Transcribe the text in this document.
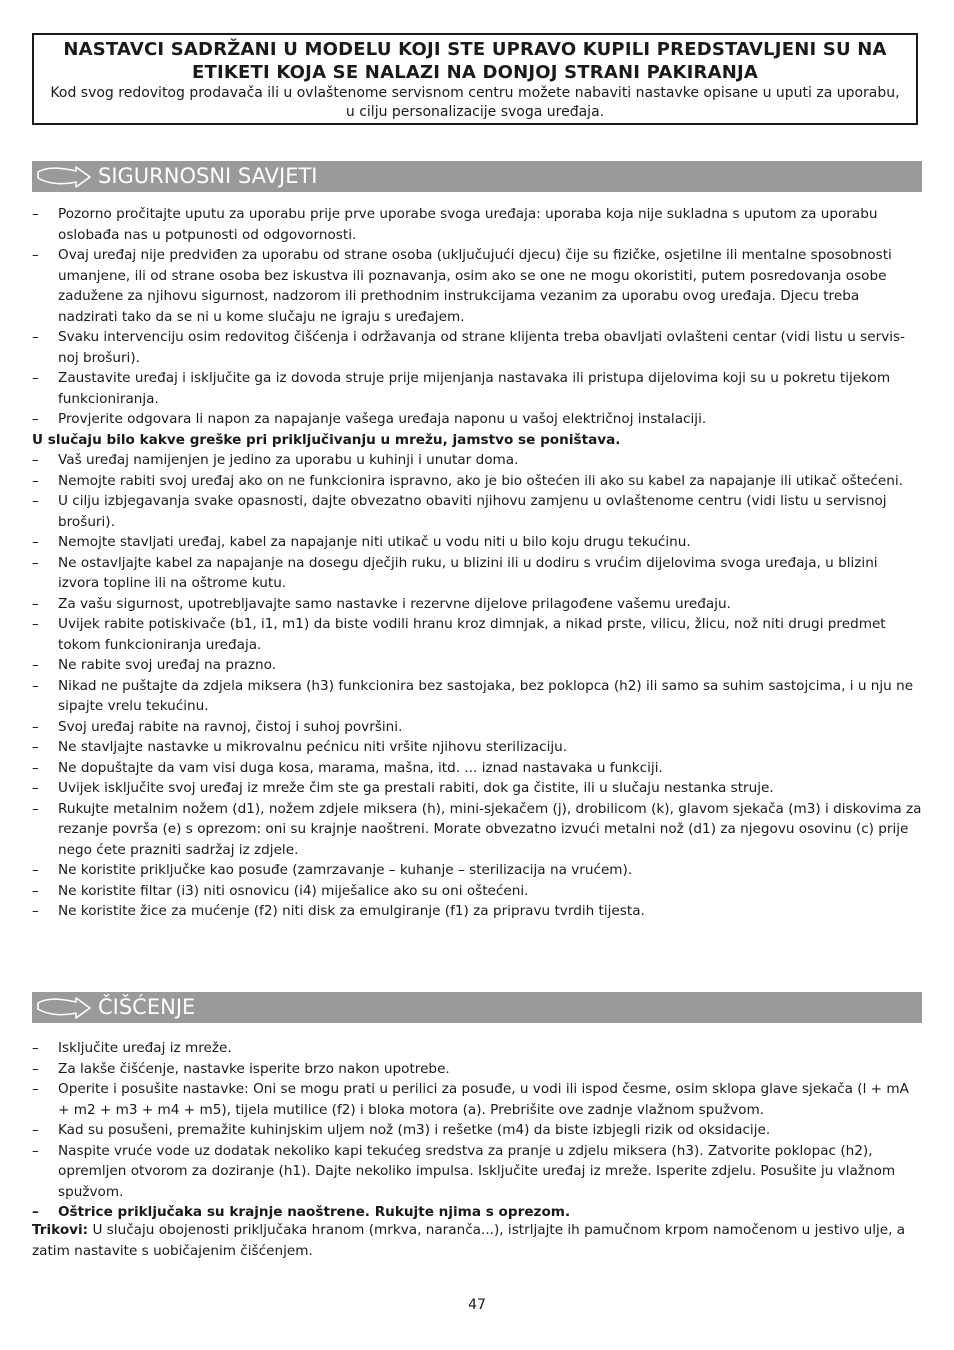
NASTAVCI SADRŽANI U MODELU KOJI STE UPRAVO KUPILI PREDSTAVLJENI SU NA ETIKETI KOJA SE NALAZI NA DONJOJ STRANI PAKIRANJA
Kod svog redovitog prodavača ili u ovlaštenome servisnom centru možete nabaviti nastavke opisane u uputi za uporabu, u cilju personalizacije svoga uređaja.
SIGURNOSNI SAVJETI
– Pozorno pročitajte uputu za uporabu prije prve uporabe svoga uređaja: uporaba koja nije sukladna s uputom za uporabu oslobađa nas u potpunosti od odgovornosti.
– Ovaj uređaj nije predviđen za uporabu od strane osoba (uključujući djecu) čije su fizičke, osjetilne ili mentalne sposobnosti umanjene, ili od strane osoba bez iskustva ili poznavanja, osim ako se one ne mogu okoristiti, putem posredovanja osobe zadužene za njihovu sigurnost, nadzorom ili prethodnim instrukcijama vezanim za uporabu ovog uređaja. Djecu treba nadzirati tako da se ni u kome slučaju ne igraju s uređajem.
– Svaku intervenciju osim redovitog čišćenja i održavanja od strane klijenta treba obavljati ovlašteni centar (vidi listu u servis-noj brošuri).
– Zaustavite uređaj i isključite ga iz dovoda struje prije mijenjanja nastavaka ili pristupa dijelovima koji su u pokretu tijekom funkcioniranja.
– Provjerite odgovara li napon za napajanje vašega uređaja naponu u vašoj električnoj instalaciji.
U slučaju bilo kakve greške pri priključivanju u mrežu, jamstvo se poništava.
– Vaš uređaj namijenjen je jedino za uporabu u kuhinji i unutar doma.
– Nemojte rabiti svoj uređaj ako on ne funkcionira ispravno, ako je bio oštećen ili ako su kabel za napajanje ili utikač oštećeni.
– U cilju izbjegavanja svake opasnosti, dajte obvezatno obaviti njihovu zamjenu u ovlaštenome centru (vidi listu u servisnoj brošuri).
– Nemojte stavljati uređaj, kabel za napajanje niti utikač u vodu niti u bilo koju drugu tekućinu.
– Ne ostavljajte kabel za napajanje na dosegu dječjih ruku, u blizini ili u dodiru s vrućim dijelovima svoga uređaja, u blizini izvora topline ili na oštrome kutu.
– Za vašu sigurnost, upotrebljavajte samo nastavke i rezervne dijelove prilagođene vašemu uređaju.
– Uvijek rabite potiskivače (b1, i1, m1) da biste vodili hranu kroz dimnjak, a nikad prste, vilicu, žlicu, nož niti drugi predmet tokom funkcioniranja uređaja.
– Ne rabite svoj uređaj na prazno.
– Nikad ne puštajte da zdjela miksera (h3) funkcionira bez sastojaka, bez poklopca (h2) ili samo sa suhim sastojcima, i u nju ne sipajte vrelu tekućinu.
– Svoj uređaj rabite na ravnoj, čistoj i suhoj površini.
– Ne stavljajte nastavke u mikrovalnu pećnicu niti vršite njihovu sterilizaciju.
– Ne dopuštajte da vam visi duga kosa, marama, mašna, itd. ... iznad nastavaka u funkciji.
– Uvijek isključite svoj uređaj iz mreže čim ste ga prestali rabiti, dok ga čistite, ili u slučaju nestanka struje.
– Rukujte metalnim nožem (d1), nožem zdjele miksera (h), mini-sjekačem (j), drobilicom (k), glavom sjekača (m3) i diskovima za rezanje površa (e) s oprezom: oni su krajnje naoštreni. Morate obvezatno izvući metalni nož (d1) za njegovu osovinu (c) prije nego ćete prazniti sadržaj iz zdjele.
– Ne koristite priključke kao posuđe (zamrzavanje – kuhanje – sterilizacija na vrućem).
– Ne koristite filtar (i3) niti osnovicu (i4) miješalice ako su oni oštećeni.
– Ne koristite žice za mućenje (f2) niti disk za emulgiranje (f1) za pripravu tvrdih tijesta.
ČIŠĆENJE
– Isključite uređaj iz mreže.
– Za lakše čišćenje, nastavke isperite brzo nakon upotrebe.
– Operite i posušite nastavke: Oni se mogu prati u perilici za posuđe, u vodi ili ispod česme, osim sklopa glave sjekača (l + mA + m2 + m3 + m4 + m5), tijela mutilice (f2) i bloka motora (a). Prebrišite ove zadnje vlažnom spužvom.
– Kad su posušeni, premažite kuhinjskim uljem nož (m3) i rešetke (m4) da biste izbjegli rizik od oksidacije.
– Naspite vruće vode uz dodatak nekoliko kapi tekućeg sredstva za pranje u zdjelu miksera (h3). Zatvorite poklopac (h2), opremljen otvorom za doziranje (h1). Dajte nekoliko impulsa. Isključite uređaj iz mreže. Isperite zdjelu. Posušite ju vlažnom spužvom.
– Oštrice priključaka su krajnje naoštrene. Rukujte njima s oprezom.
Trikovi: U slučaju obojenosti priključaka hranom (mrkva, naranča...), istrljajte ih pamučnom krpom namočenom u jestivo ulje, a zatim nastavite s uobičajenim čišćenjem.
47
